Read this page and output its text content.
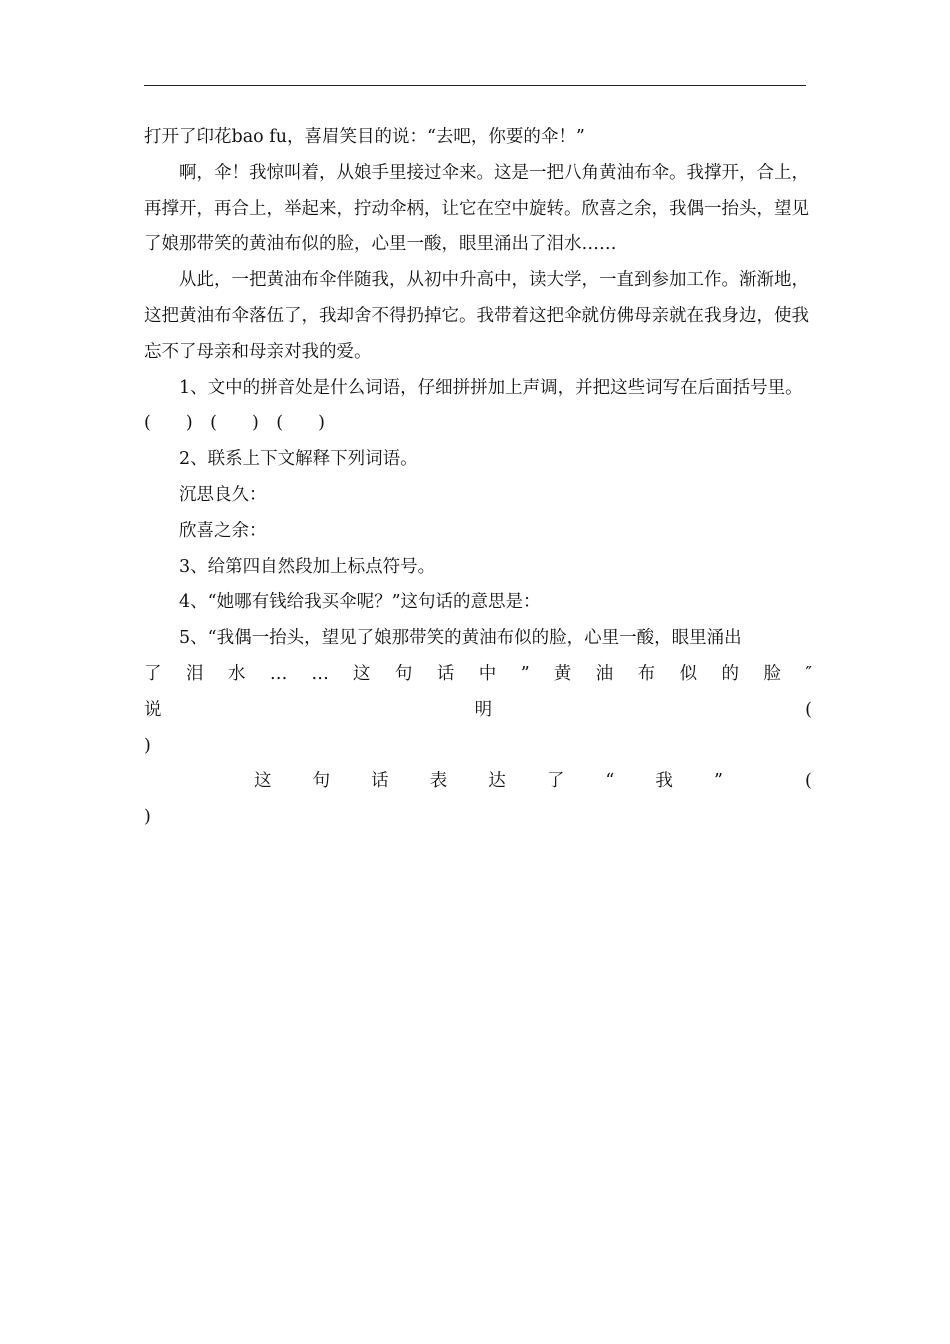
打开了印花bao fu，喜眉笑目的说：“去吧，你要的伞！”

啊，伞！我惊叫着，从娘手里接过伞来。这是一把八角黄油布伞。我撑开，合上，再撑开，再合上，举起来，拧动伞柄，让它在空中旋转。欣喜之余，我偶一抬头，望见了娘那带笑的黄油布似的脸，心里一酸，眼里涌出了泪水……

从此，一把黄油布伞伴随我，从初中升高中，读大学，一直到参加工作。渐渐地，这把黄油布伞落伍了，我却舍不得扔掉它。我带着这把伞就仿佛母亲就在我身边，使我忘不了母亲和母亲对我的爱。

1、文中的拼音处是什么词语，仔细拼拼加上声调，并把这些词写在后面括号里。(　　)　(　　)　(　　)

2、联系上下文解释下列词语。

沉思良久：

欣喜之余：

3、给第四自然段加上标点符号。

4、“她哪有钱给我买伞呢？”这句话的意思是：

5、“我偶一抬头，望见了娘那带笑的黄油布似的脸，心里一酸，眼里涌出

了 泪 水 … … 这 句 话 中 ” 黄 油 布 似 的 脸 ″ 说 明 (

)

这 句 话 表 达 了 “ 我 ”	(

)
